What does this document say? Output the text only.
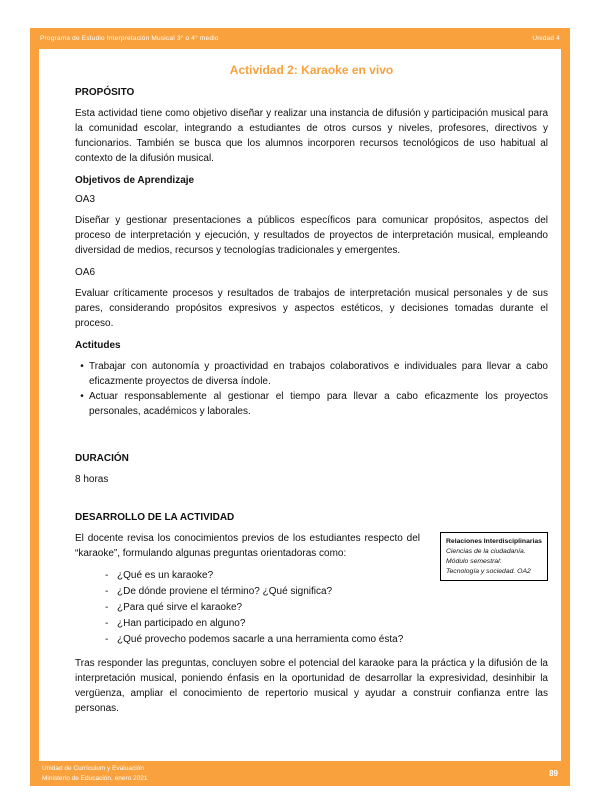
Programa de Estudio Interpretación Musical 3° o 4° medio	Unidad 4
Actividad 2: Karaoke en vivo
PROPÓSITO

Esta actividad tiene como objetivo diseñar y realizar una instancia de difusión y participación musical para la comunidad escolar, integrando a estudiantes de otros cursos y niveles, profesores, directivos y funcionarios. También se busca que los alumnos incorporen recursos tecnológicos de uso habitual al contexto de la difusión musical.

Objetivos de Aprendizaje
OA3

Diseñar y gestionar presentaciones a públicos específicos para comunicar propósitos, aspectos del proceso de interpretación y ejecución, y resultados de proyectos de interpretación musical, empleando diversidad de medios, recursos y tecnologías tradicionales y emergentes.

OA6

Evaluar críticamente procesos y resultados de trabajos de interpretación musical personales y de sus pares, considerando propósitos expresivos y aspectos estéticos, y decisiones tomadas durante el proceso.

Actitudes
• Trabajar con autonomía y proactividad en trabajos colaborativos e individuales para llevar a cabo eficazmente proyectos de diversa índole.
• Actuar responsablemente al gestionar el tiempo para llevar a cabo eficazmente los proyectos personales, académicos y laborales.
DURACIÓN

8 horas

DESARROLLO DE LA ACTIVIDAD
Relaciones Interdisciplinarias
Ciencias de la ciudadanía.
Módulo semestral:
Tecnología y sociedad. OA2

El docente revisa los conocimientos previos de los estudiantes respecto del “karaoke”, formulando algunas preguntas orientadoras como:

- ¿Qué es un karaoke?
- ¿De dónde proviene el término? ¿Qué significa?
- ¿Para qué sirve el karaoke?
- ¿Han participado en alguno?
- ¿Qué provecho podemos sacarle a una herramienta como ésta?

Tras responder las preguntas, concluyen sobre el potencial del karaoke para la práctica y la difusión de la interpretación musical, poniendo énfasis en la oportunidad de desarrollar la expresividad, desinhibir la vergüenza, ampliar el conocimiento de repertorio musical y ayudar a construir confianza entre las personas.

Unidad de Currículum y Evaluación
Ministerio de Educación, enero 2021	89
